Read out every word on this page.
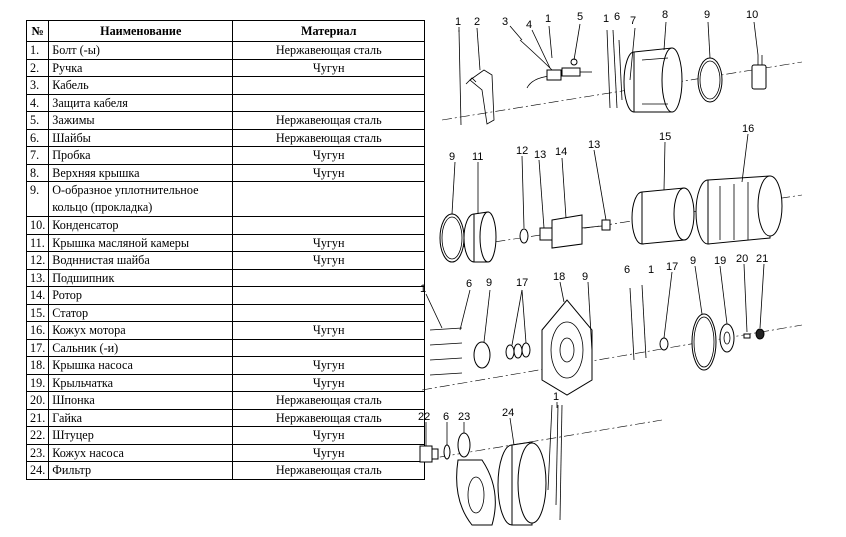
№	Наименование	Материал
1.	Болт (-ы)	Нержавеющая сталь
2.	Ручка	Чугун
3.	Кабель	
4.	Защита кабеля	
5.	Зажимы	Нержавеющая сталь
6.	Шайбы	Нержавеющая сталь
7.	Пробка	Чугун
8.	Верхняя крышка	Чугун
9.	О-образное уплотнительное кольцо (прокладка)	
10.	Конденсатор	
11.	Крышка масляной камеры	Чугун
12.	Водннистая шайба	Чугун
13.	Подшипник	
14.	Ротор	
15.	Статор	
16.	Кожух мотора	Чугун
17.	Сальник (-и)	
18.	Крышка насоса	Чугун
19.	Крыльчатка	Чугун
20.	Шпонка	Нержавеющая сталь
21.	Гайка	Нержавеющая сталь
22.	Штуцер	Чугун
23.	Кожух насоса	Чугун
24.	Фильтр	Нержавеющая сталь
1 2 3 4 1 5 1 6 7 8	9	10
9 11	12 13 14
13
15
16
1	6 9 17 18 9
6 1 17 9 19 20 21
22 6 23	24
1
